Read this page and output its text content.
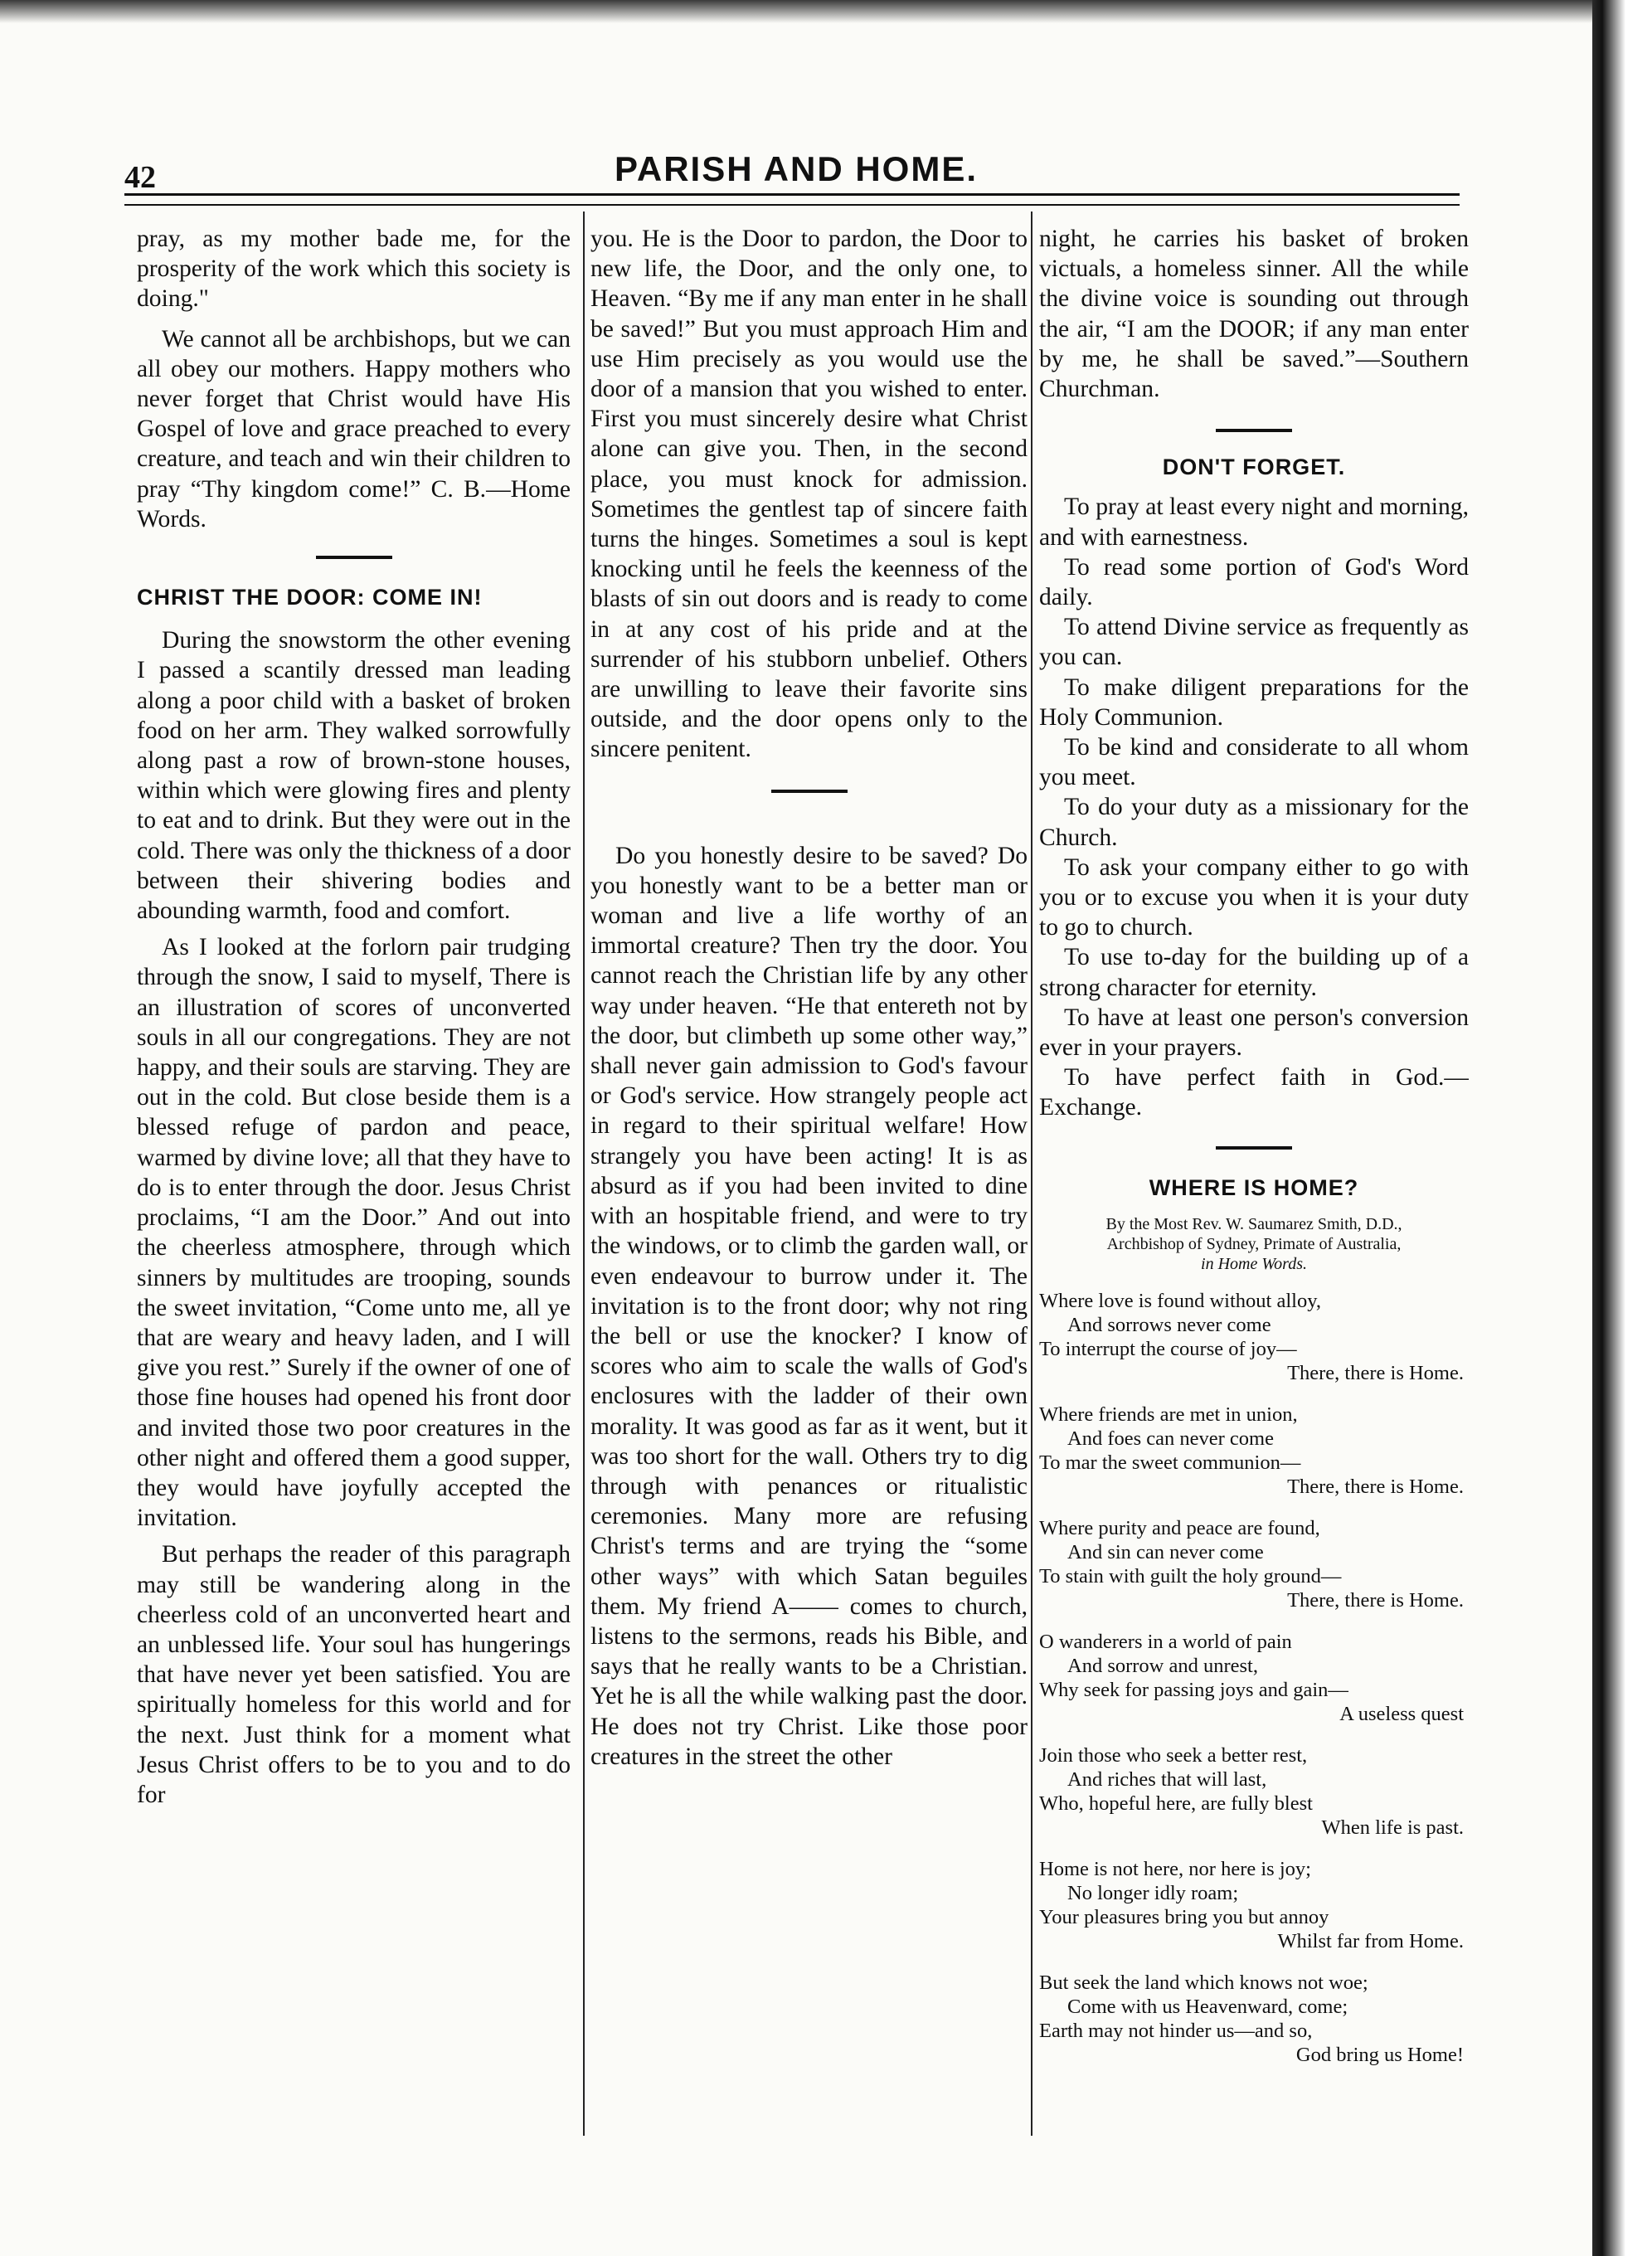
42	PARISH AND HOME.

pray, as my mother bade me, for the prosperity of the work which this society is doing."

We cannot all be archbishops, but we can all obey our mothers. Happy mothers who never forget that Christ would have His Gospel of love and grace preached to every creature, and teach and win their children to pray “Thy kingdom come!” C. B.—Home Words.

CHRIST THE DOOR: COME IN!

During the snowstorm the other evening I passed a scantily dressed man leading along a poor child with a basket of broken food on her arm. They walked sorrowfully along past a row of brown-stone houses, within which were glowing fires and plenty to eat and to drink. But they were out in the cold. There was only the thickness of a door between their shivering bodies and abounding warmth, food and comfort.

As I looked at the forlorn pair trudging through the snow, I said to myself, There is an illustration of scores of unconverted souls in all our congregations. They are not happy, and their souls are starving. They are out in the cold. But close beside them is a blessed refuge of pardon and peace, warmed by divine love; all that they have to do is to enter through the door. Jesus Christ proclaims, “I am the Door.” And out into the cheerless atmosphere, through which sinners by multitudes are trooping, sounds the sweet invitation, “Come unto me, all ye that are weary and heavy laden, and I will give you rest.” Surely if the owner of one of those fine houses had opened his front door and invited those two poor creatures in the other night and offered them a good supper, they would have joyfully accepted the invitation.

But perhaps the reader of this paragraph may still be wandering along in the cheerless cold of an unconverted heart and an unblessed life. Your soul has hungerings that have never yet been satisfied. You are spiritually homeless for this world and for the next. Just think for a moment what Jesus Christ offers to be to you and to do for

you. He is the Door to pardon, the Door to new life, the Door, and the only one, to Heaven. “By me if any man enter in he shall be saved!” But you must approach Him and use Him precisely as you would use the door of a mansion that you wished to enter. First you must sincerely desire what Christ alone can give you. Then, in the second place, you must knock for admission. Sometimes the gentlest tap of sincere faith turns the hinges. Sometimes a soul is kept knocking until he feels the keenness of the blasts of sin out doors and is ready to come in at any cost of his pride and at the surrender of his stubborn unbelief. Others are unwilling to leave their favorite sins outside, and the door opens only to the sincere penitent.

Do you honestly desire to be saved? Do you honestly want to be a better man or woman and live a life worthy of an immortal creature? Then try the door. You cannot reach the Christian life by any other way under heaven. “He that entereth not by the door, but climbeth up some other way,” shall never gain admission to God's favour or God's service. How strangely people act in regard to their spiritual welfare! How strangely you have been acting! It is as absurd as if you had been invited to dine with an hospitable friend, and were to try the windows, or to climb the garden wall, or even endeavour to burrow under it. The invitation is to the front door; why not ring the bell or use the knocker? I know of scores who aim to scale the walls of God's enclosures with the ladder of their own morality. It was good as far as it went, but it was too short for the wall. Others try to dig through with penances or ritualistic ceremonies. Many more are refusing Christ's terms and are trying the “some other ways” with which Satan beguiles them. My friend A—— comes to church, listens to the sermons, reads his Bible, and says that he really wants to be a Christian. Yet he is all the while walking past the door. He does not try Christ. Like those poor creatures in the street the other

night, he carries his basket of broken victuals, a homeless sinner. All the while the divine voice is sounding out through the air, “I am the DOOR; if any man enter by me, he shall be saved.”—Southern Churchman.

DON'T FORGET.

To pray at least every night and morning, and with earnestness.

To read some portion of God's Word daily.

To attend Divine service as frequently as you can.

To make diligent preparations for the Holy Communion.

To be kind and considerate to all whom you meet.

To do your duty as a missionary for the Church.

To ask your company either to go with you or to excuse you when it is your duty to go to church.

To use to-day for the building up of a strong character for eternity.

To have at least one person's conversion ever in your prayers.

To have perfect faith in God.—Exchange.

WHERE IS HOME?

By the Most Rev. W. Saumarez Smith, D.D.,

Archbishop of Sydney, Primate of Australia,

in Home Words.

Where love is found without alloy,
And sorrows never come
To interrupt the course of joy—
There, there is Home.
Where friends are met in union,
And foes can never come
To mar the sweet communion—
There, there is Home.
Where purity and peace are found,
And sin can never come
To stain with guilt the holy ground—
There, there is Home.
O wanderers in a world of pain
And sorrow and unrest,
Why seek for passing joys and gain—
A useless quest
Join those who seek a better rest,
And riches that will last,
Who, hopeful here, are fully blest
When life is past.
Home is not here, nor here is joy;
No longer idly roam;
Your pleasures bring you but annoy
Whilst far from Home.
But seek the land which knows not woe;
Come with us Heavenward, come;
Earth may not hinder us—and so,
God bring us Home!
